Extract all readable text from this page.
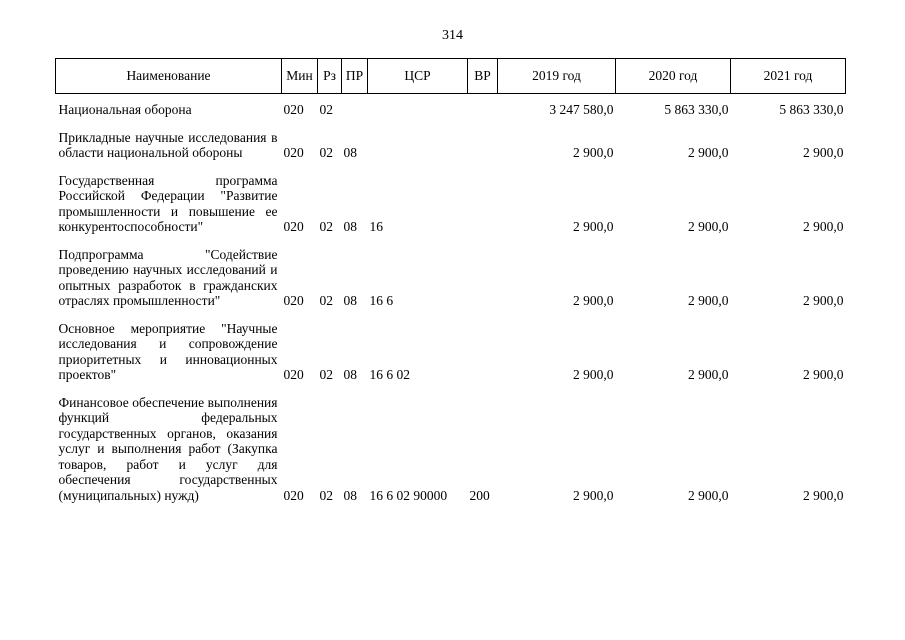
314
Наименование	Мин	Рз	ПР	ЦСР	ВР	2019 год	2020 год	2021 год
Национальная оборона	020	02				3 247 580,0	5 863 330,0	5 863 330,0
Прикладные научные исследования в области национальной обороны	020	02	08			2 900,0	2 900,0	2 900,0
Государственная программа Российской Федерации "Развитие промышленности и повышение ее конкурентоспособности"	020	02	08	16		2 900,0	2 900,0	2 900,0
Подпрограмма "Содействие проведению научных исследований и опытных разработок в гражданских отраслях промышленности"	020	02	08	16 6		2 900,0	2 900,0	2 900,0
Основное мероприятие "Научные исследования и сопровождение приоритетных и инновационных проектов"	020	02	08	16 6 02		2 900,0	2 900,0	2 900,0
Финансовое обеспечение выполнения функций федеральных государственных органов, оказания услуг и выполнения работ (Закупка товаров, работ и услуг для обеспечения государственных (муниципальных) нужд)	020	02	08	16 6 02 90000	200	2 900,0	2 900,0	2 900,0
